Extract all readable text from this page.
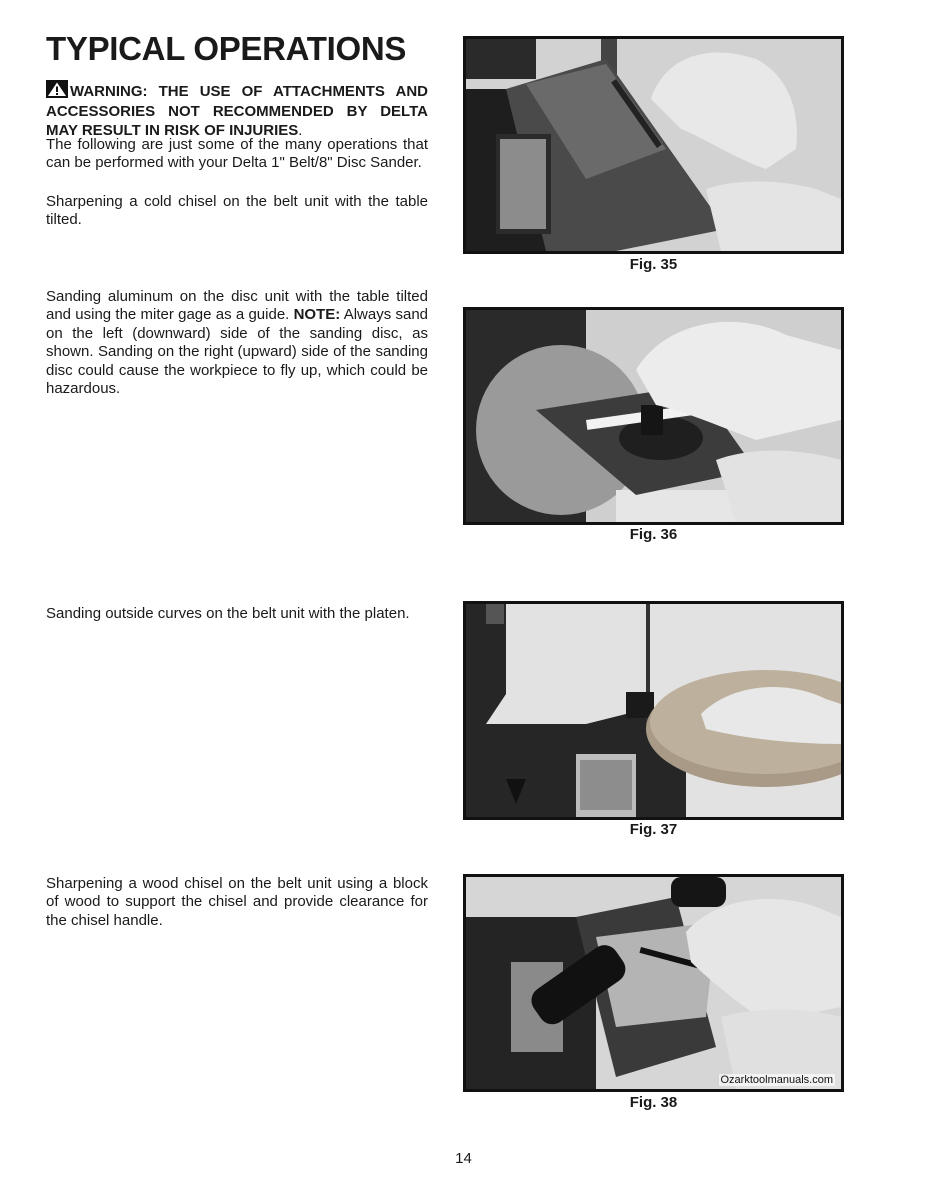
TYPICAL OPERATIONS
WARNING: THE USE OF ATTACHMENTS AND ACCESSORIES NOT RECOMMENDED BY DELTA MAY RESULT IN RISK OF INJURIES.
The following are just some of the many operations that can be performed with your Delta 1" Belt/8" Disc Sander.
Sharpening a cold chisel on the belt unit with the table tilted.
Sanding aluminum on the disc unit with the table tilted and using the miter gage as a guide. NOTE: Always sand on the left (downward) side of the sanding disc, as shown. Sanding on the right (upward) side of the sanding disc could cause the workpiece to fly up, which could be hazardous.
Sanding outside curves on the belt unit with the platen.
Sharpening a wood chisel on the belt unit using a block of wood to support the chisel and provide clearance for the chisel handle.
Fig. 35
Fig. 36
Fig. 37
Ozarktoolmanuals.com
Fig. 38
14
